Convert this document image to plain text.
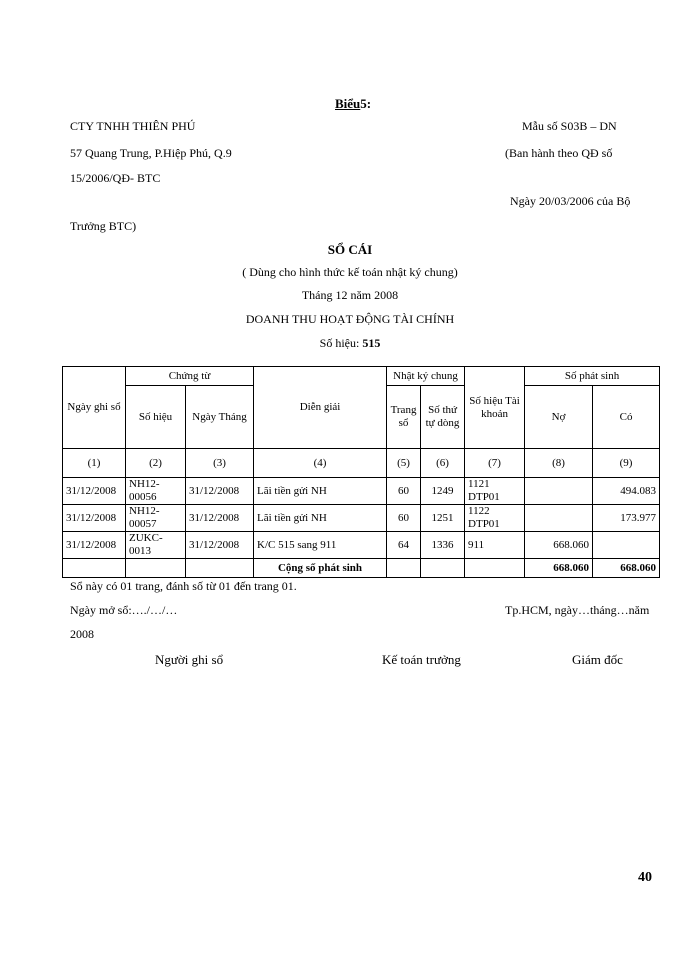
Biểu5:
CTY TNHH THIÊN PHÚ
57 Quang Trung, P.Hiệp Phú, Q.9
15/2006/QĐ- BTC
Trưởng BTC)
Mẫu số S03B – DN
(Ban hành theo QĐ số
Ngày 20/03/2006 của Bộ
SỔ CÁI
( Dùng cho hình thức kế toán nhật ký chung)
Tháng 12 năm 2008
DOANH THU HOẠT ĐỘNG TÀI CHÍNH
Số hiệu: 515
Ngày ghi sổ	Chứng từ		Diễn giải	Nhật ký chung		Số hiệu Tài khoản	Số phát sinh	
	Số hiệu	Ngày Tháng		Trang sổ	Số thứ tự dòng		Nợ	Có
(1)	(2)	(3)	(4)	(5)	(6)	(7)	(8)	(9)
31/12/2008	NH12-00056	31/12/2008	Lãi tiền gửi NH	60	1249	1121 DTP01		494.083
31/12/2008	NH12-00057	31/12/2008	Lãi tiền gửi NH	60	1251	1122 DTP01		173.977
31/12/2008	ZUKC-0013	31/12/2008	K/C 515 sang 911	64	1336	911	668.060	
			Cộng số phát sinh				668.060	668.060
Sổ này có 01 trang, đánh số từ 01 đến trang 01.
Ngày mở sổ:…./…/…
2008
Tp.HCM, ngày…tháng…năm
Người ghi sổ	Kế toán trưởng	Giám đốc
40
